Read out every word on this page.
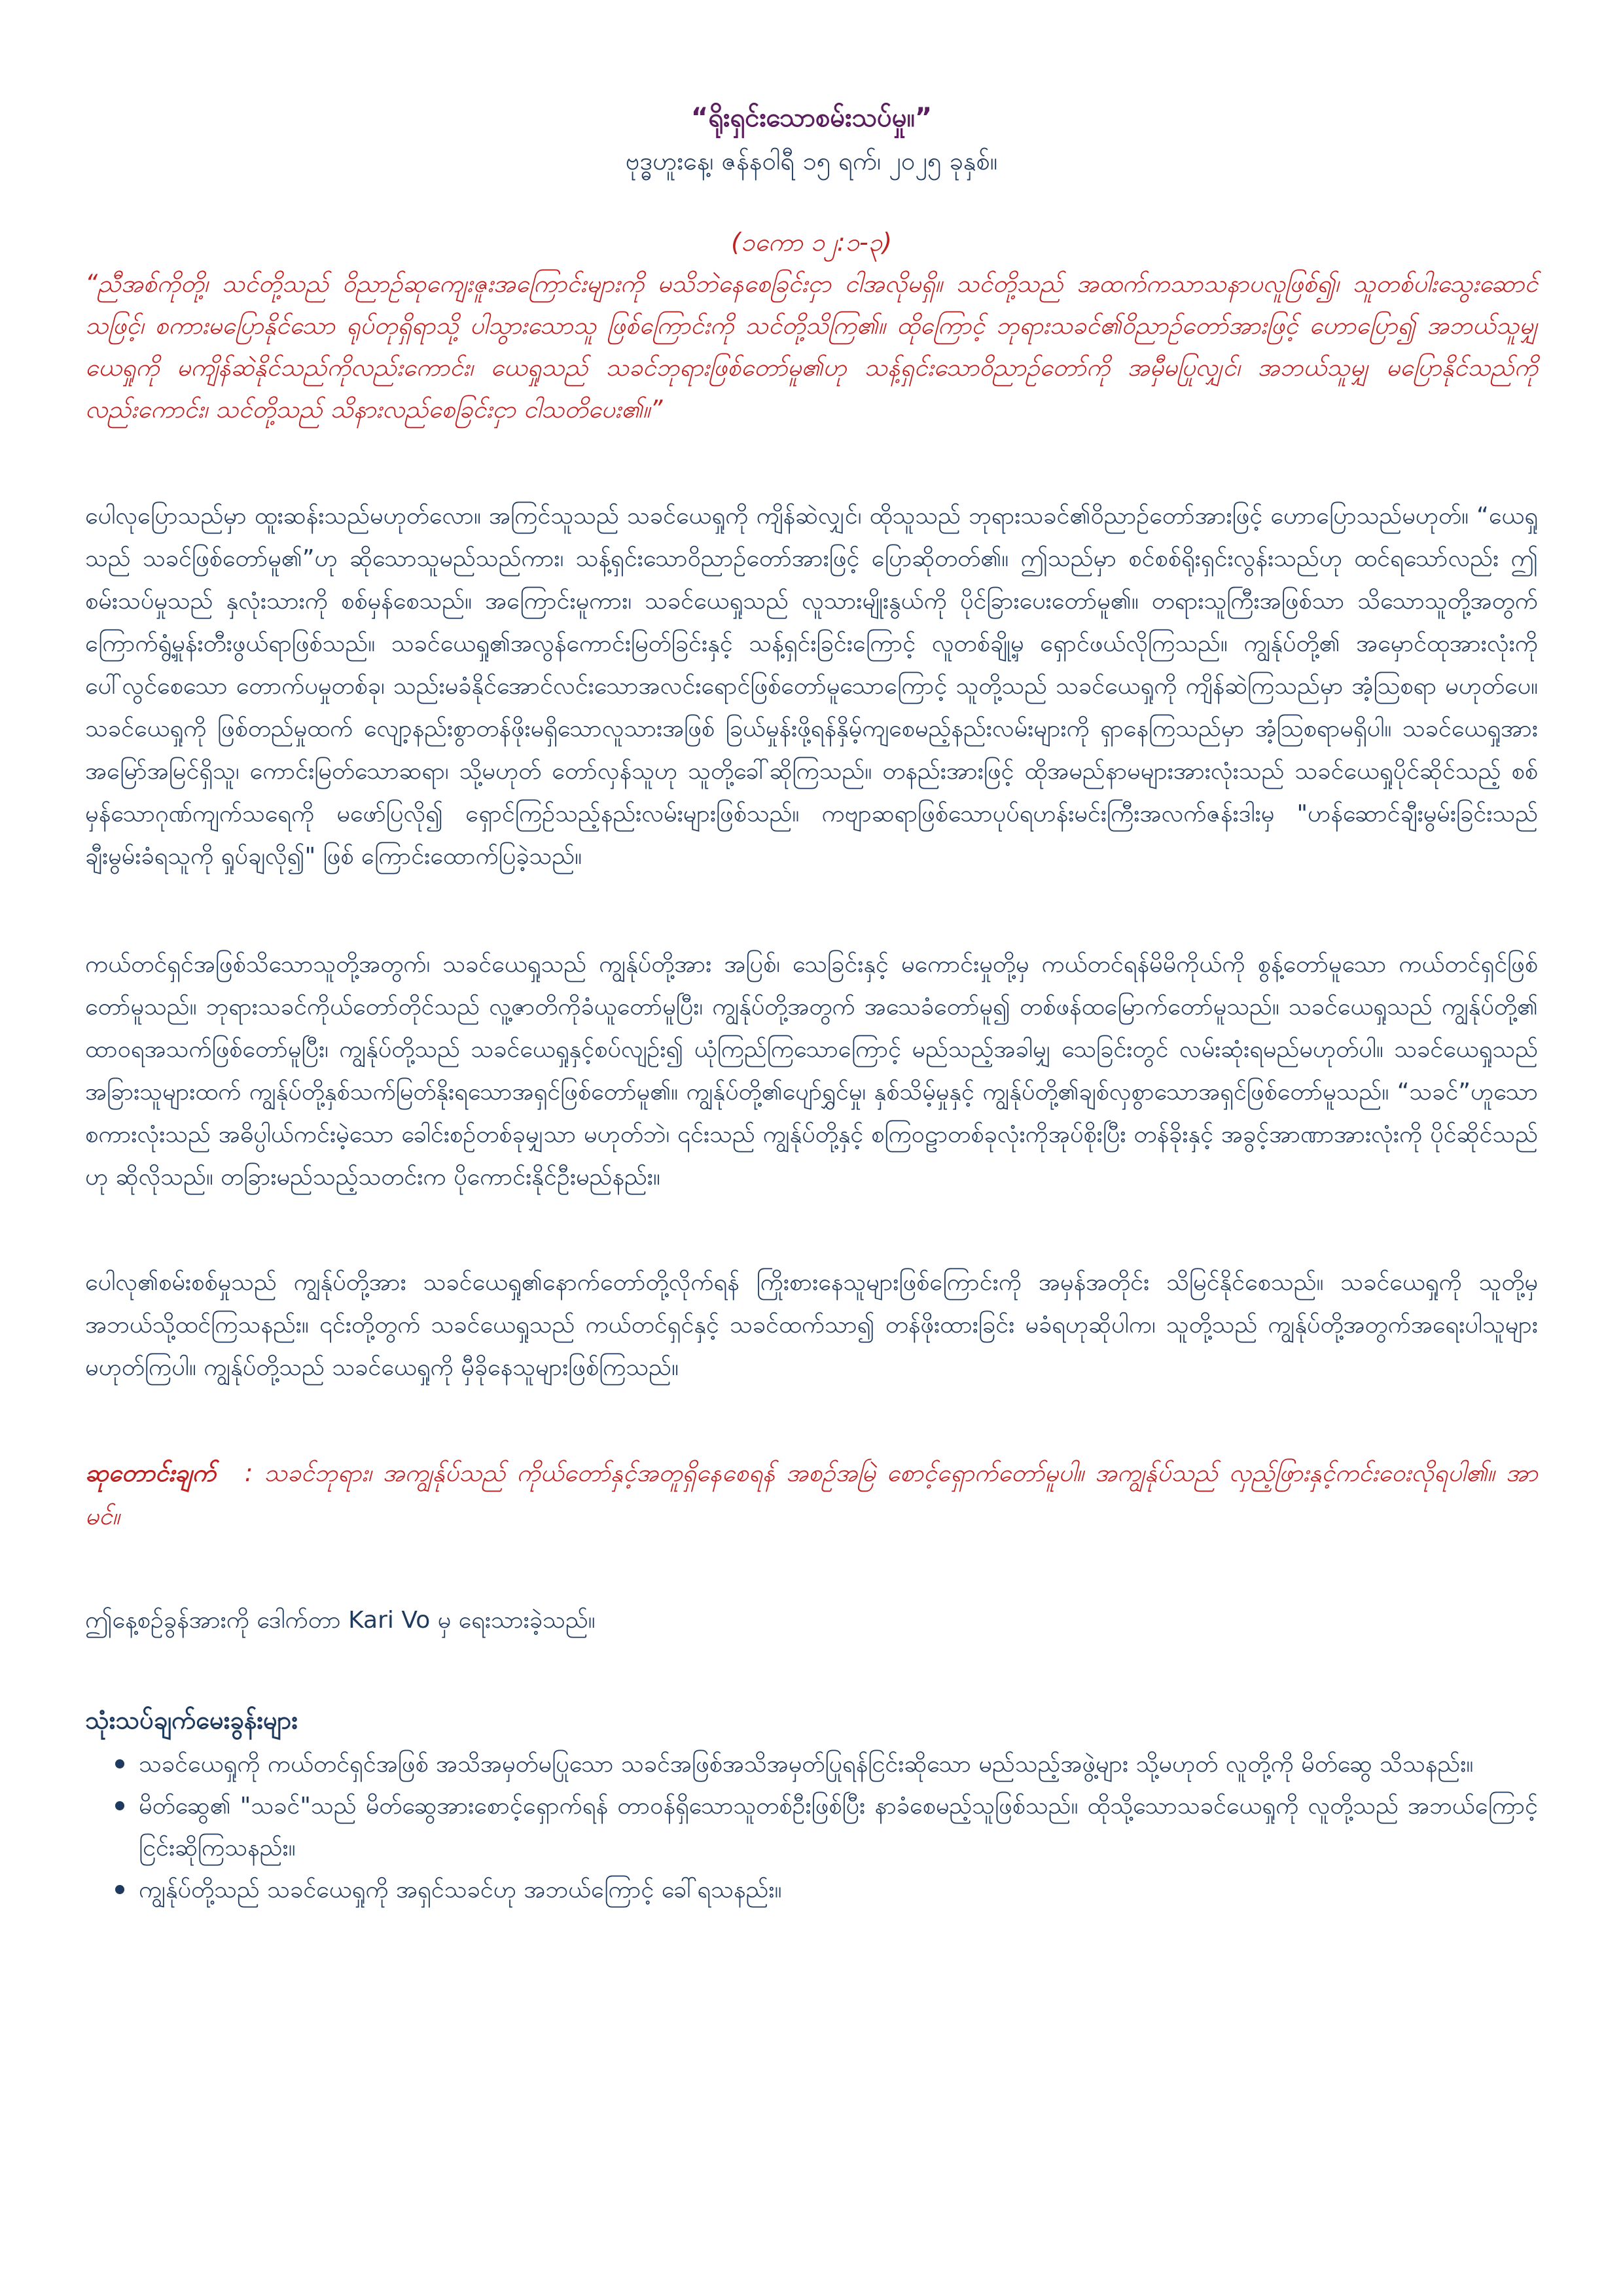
“ရိုးရှင်းသောစမ်းသပ်မှု။”

ဗုဒ္ဓဟူးနေ့၊ ဇန်နဝါရီ ၁၅ ရက်၊ ၂၀၂၅ ခုနှစ်။

(၁ကော ၁၂:၁-၃)

“ညီအစ်ကိုတို့၊ သင်တို့သည် ဝိညာဉ်ဆုကျေးဇူးအကြောင်းများကို မသိဘဲနေစေခြင်းငှာ ငါအလိုမရှိ။ သင်တို့သည် အထက်ကသာသနာပလူဖြစ်၍၊ သူတစ်ပါးသွေးဆောင်သဖြင့်၊ စကားမပြောနိုင်သော ရုပ်တုရှိရာသို့ ပါသွားသောသူ ဖြစ်ကြောင်းကို သင်တို့သိကြ၏။ ထိုကြောင့် ဘုရားသခင်၏ဝိညာဉ်တော်အားဖြင့် ဟောပြော၍ အဘယ်သူမျှ ယေရှုကို မကျိန်ဆဲနိုင်သည်ကိုလည်းကောင်း၊ ယေရှုသည် သခင်ဘုရားဖြစ်တော်မူ၏ဟု သန့်ရှင်းသောဝိညာဉ်တော်ကို အမှီမပြုလျှင်၊ အဘယ်သူမျှ မပြောနိုင်သည်ကိုလည်းကောင်း၊ သင်တို့သည် သိနားလည်စေခြင်းငှာ ငါသတိပေး၏။”

ပေါလုပြောသည်မှာ ထူးဆန်းသည်မဟုတ်လော။ အကြင်သူသည် သခင်ယေရှုကို ကျိန်ဆဲလျှင်၊ ထိုသူသည် ဘုရားသခင်၏ဝိညာဉ်တော်အားဖြင့် ဟောပြောသည်မဟုတ်။ “ယေရှုသည် သခင်ဖြစ်တော်မူ၏”ဟု ဆိုသောသူမည်သည်ကား၊ သန့်ရှင်းသောဝိညာဉ်တော်အားဖြင့် ပြောဆိုတတ်၏။ ဤသည်မှာ စင်စစ်ရိုးရှင်းလွန်းသည်ဟု ထင်ရသော်လည်း ဤစမ်းသပ်မှုသည် နှလုံးသားကို စစ်မှန်စေသည်။ အကြောင်းမူကား၊ သခင်ယေရှုသည် လူသားမျိုးနွယ်ကို ပိုင်ခြားပေးတော်မူ၏။ တရားသူကြီးအဖြစ်သာ သိသောသူတို့အတွက် ကြောက်ရွံ့မှုန်းတီးဖွယ်ရာဖြစ်သည်။ သခင်ယေရှု၏အလွန်ကောင်းမြတ်ခြင်းနှင့် သန့်ရှင်းခြင်းကြောင့် လူတစ်ချို့မှ ရှောင်ဖယ်လိုကြသည်။ ကျွန်ုပ်တို့၏ အမှောင်ထုအားလုံးကို ပေါ်လွင်စေသော တောက်ပမှုတစ်ခု၊ သည်းမခံနိုင်အောင်လင်းသောအလင်းရောင်ဖြစ်တော်မူသောကြောင့် သူတို့သည် သခင်ယေရှုကို ကျိန်ဆဲကြသည်မှာ အံ့သြစရာ မဟုတ်ပေ။ သခင်ယေရှုကို ဖြစ်တည်မှုထက် လျော့နည်းစွာတန်ဖိုးမရှိသောလူသားအဖြစ် ခြယ်မှုန်းဖို့ရန်နှိမ့်ကျစေမည့်နည်းလမ်းများကို ရှာနေကြသည်မှာ အံ့သြစရာမရှိပါ။ သခင်ယေရှုအား အမြော်အမြင်ရှိသူ၊ ကောင်းမြတ်သောဆရာ၊ သို့မဟုတ် တော်လှန်သူဟု သူတို့ခေါ်ဆိုကြသည်။ တနည်းအားဖြင့် ထိုအမည်နာမများအားလုံးသည် သခင်ယေရှုပိုင်ဆိုင်သည့် စစ်မှန်သောဂုဏ်ကျက်သရေကို မဖော်ပြလို၍ ရှောင်ကြဉ်သည့်နည်းလမ်းများဖြစ်သည်။ ကဗျာဆရာဖြစ်သောပုပ်ရဟန်းမင်းကြီးအလက်ဇန်းဒါးမှ "ဟန်ဆောင်ချီးမွမ်းခြင်းသည် ချီးမွမ်းခံရသူကို ရှုပ်ချလို၍" ဖြစ် ကြောင်းထောက်ပြခဲ့သည်။

ကယ်တင်ရှင်အဖြစ်သိသောသူတို့အတွက်၊ သခင်ယေရှုသည် ကျွန်ုပ်တို့အား အပြစ်၊ သေခြင်းနှင့် မကောင်းမှုတို့မှ ကယ်တင်ရန်မိမိကိုယ်ကို စွန့်တော်မူသော ကယ်တင်ရှင်ဖြစ်တော်မူသည်။ ဘုရားသခင်ကိုယ်တော်တိုင်သည် လူ့ဇာတိကိုခံယူတော်မူပြီး၊ ကျွန်ုပ်တို့အတွက် အသေခံတော်မူ၍ တစ်ဖန်ထမြောက်တော်မူသည်။ သခင်ယေရှုသည် ကျွန်ုပ်တို့၏ ထာဝရအသက်ဖြစ်တော်မူပြီး၊ ကျွန်ုပ်တို့သည် သခင်ယေရှုနှင့်စပ်လျဉ်း၍ ယုံကြည်ကြသောကြောင့် မည်သည့်အခါမျှ သေခြင်းတွင် လမ်းဆုံးရမည်မဟုတ်ပါ။ သခင်ယေရှုသည် အခြားသူများထက် ကျွန်ုပ်တို့နှစ်သက်မြတ်နိုးရသောအရှင်ဖြစ်တော်မူ၏။ ကျွန်ုပ်တို့၏ပျော်ရွှင်မှု၊ နှစ်သိမ့်မှုနှင့် ကျွန်ုပ်တို့၏ချစ်လှစွာသောအရှင်ဖြစ်တော်မူသည်။ “သခင်”ဟူသော စကားလုံးသည် အဓိပ္ပါယ်ကင်းမဲ့သော ခေါင်းစဉ်တစ်ခုမျှသာ မဟုတ်ဘဲ၊ ၎င်းသည် ကျွန်ုပ်တို့နှင့် စကြဝဠာတစ်ခုလုံးကိုအုပ်စိုးပြီး တန်ခိုးနှင့် အခွင့်အာဏာအားလုံးကို ပိုင်ဆိုင်သည်ဟု ဆိုလိုသည်။ တခြားမည်သည့်သတင်းက ပိုကောင်းနိုင်ဦးမည်နည်း။

ပေါလု၏စမ်းစစ်မှုသည် ကျွန်ုပ်တို့အား သခင်ယေရှု၏နောက်တော်တို့လိုက်ရန် ကြိုးစားနေသူများဖြစ်ကြောင်းကို အမှန်အတိုင်း သိမြင်နိုင်စေသည်။ သခင်ယေရှုကို သူတို့မှ အဘယ်သို့ထင်ကြသနည်း။ ၎င်းတို့တွက် သခင်ယေရှုသည် ကယ်တင်ရှင်နှင့် သခင်ထက်သာ၍ တန်ဖိုးထားခြင်း မခံရဟုဆိုပါက၊ သူတို့သည် ကျွန်ုပ်တို့အတွက်အရေးပါသူများမဟုတ်ကြပါ။ ကျွန်ုပ်တို့သည် သခင်ယေရှုကို မှီခိုနေသူများဖြစ်ကြသည်။

ဆုတောင်းချက် : သခင်ဘုရား၊ အကျွန်ုပ်သည် ကိုယ်တော်နှင့်အတူရှိနေစေရန် အစဉ်အမြဲ စောင့်ရှောက်တော်မူပါ။ အကျွန်ုပ်သည် လှည့်ဖြားနှင့်ကင်းဝေးလိုရပါ၏။ အာမင်။

ဤနေ့စဉ်ခွန်အားကို ဒေါက်တာ Kari Vo မှ ရေးသားခဲ့သည်။

သုံးသပ်ချက်မေးခွန်းများ

သခင်ယေရှုကို ကယ်တင်ရှင်အဖြစ် အသိအမှတ်မပြုသော သခင်အဖြစ်အသိအမှတ်ပြုရန်ငြင်းဆိုသော မည်သည့်အဖွဲ့များ သို့မဟုတ် လူတို့ကို မိတ်ဆွေ သိသနည်း။
မိတ်ဆွေ၏ "သခင်"သည် မိတ်ဆွေအားစောင့်ရှောက်ရန် တာဝန်ရှိသောသူတစ်ဦးဖြစ်ပြီး နာခံစေမည့်သူဖြစ်သည်။ ထိုသို့သောသခင်ယေရှုကို လူတို့သည် အဘယ်ကြောင့် ငြင်းဆိုကြသနည်း။
ကျွန်ုပ်တို့သည် သခင်ယေရှုကို အရှင်သခင်ဟု အဘယ်ကြောင့် ခေါ်ရသနည်း။
